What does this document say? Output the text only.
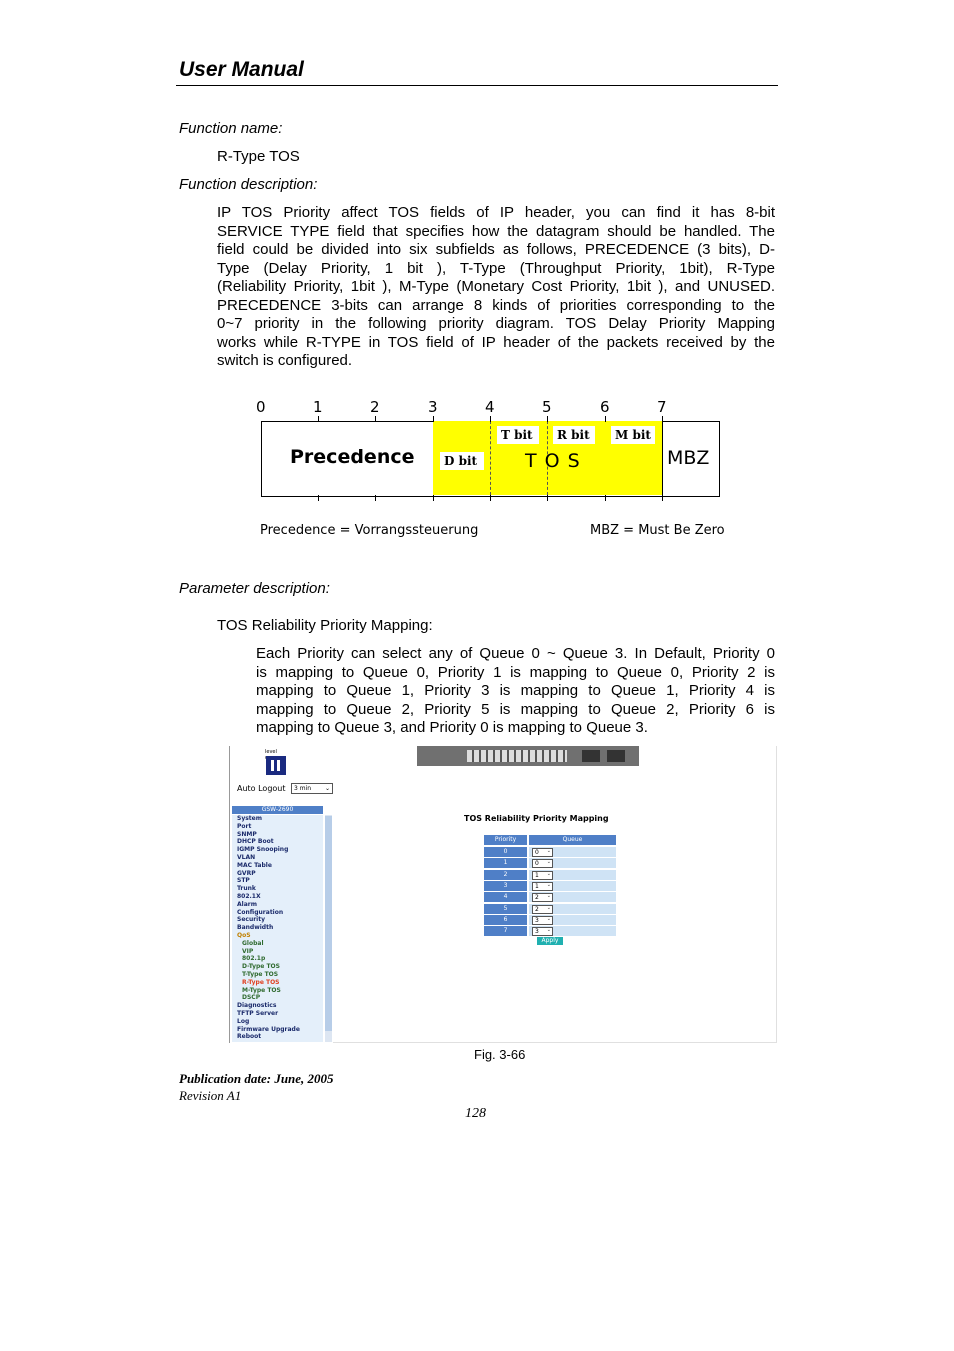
User Manual
Function name:
R-Type TOS
Function description:
IP TOS Priority affect TOS fields of IP header, you can find it has 8-bit
SERVICE TYPE field that specifies how the datagram should be handled. The
field could be divided into six subfields as follows, PRECEDENCE (3 bits), D-
Type (Delay Priority, 1 bit ), T-Type (Throughput Priority, 1bit), R-Type
(Reliability Priority, 1bit ), M-Type (Monetary Cost Priority, 1bit ), and UNUSED.
PRECEDENCE 3-bits can arrange 8 kinds of priorities corresponding to the
0~7 priority in the following priority diagram. TOS Delay Priority Mapping
works while R-TYPE in TOS field of IP header of the packets received by the
switch is configured.
0	1	2	3	4	5	6	7
Precedence	T O S	MBZ
D bit
T bit	R bit	M bit
Precedence = Vorrangssteuerung	MBZ = Must Be Zero
Parameter description:
TOS Reliability Priority Mapping:
Each Priority can select any of Queue 0 ~ Queue 3. In Default, Priority 0
is mapping to Queue 0, Priority 1 is mapping to Queue 0, Priority 2 is
mapping to Queue 1, Priority 3 is mapping to Queue 1, Priority 4 is
mapping to Queue 2, Priority 5 is mapping to Queue 2, Priority 6 is
mapping to Queue 3, and Priority 0 is mapping to Queue 3.
level
Auto Logout	3 min ⌄
GSW-2690
System
Port
SNMP
DHCP Boot
IGMP Snooping
VLAN
MAC Table
GVRP
STP
Trunk
802.1X
Alarm
Configuration
Security
Bandwidth
QoS
Global
VIP
802.1p
D-Type TOS
T-Type TOS
R-Type TOS
M-Type TOS
DSCP
Diagnostics
TFTP Server
Log
Firmware Upgrade
Reboot
TOS Reliability Priority Mapping
Priority	Queue
0	0 ⌄
1	0 ⌄
2	1 ⌄
3	1 ⌄
4	2 ⌄
5	2 ⌄
6	3 ⌄
7	3 ⌄
Apply
Fig. 3-66
Publication date: June, 2005
Revision A1
128
